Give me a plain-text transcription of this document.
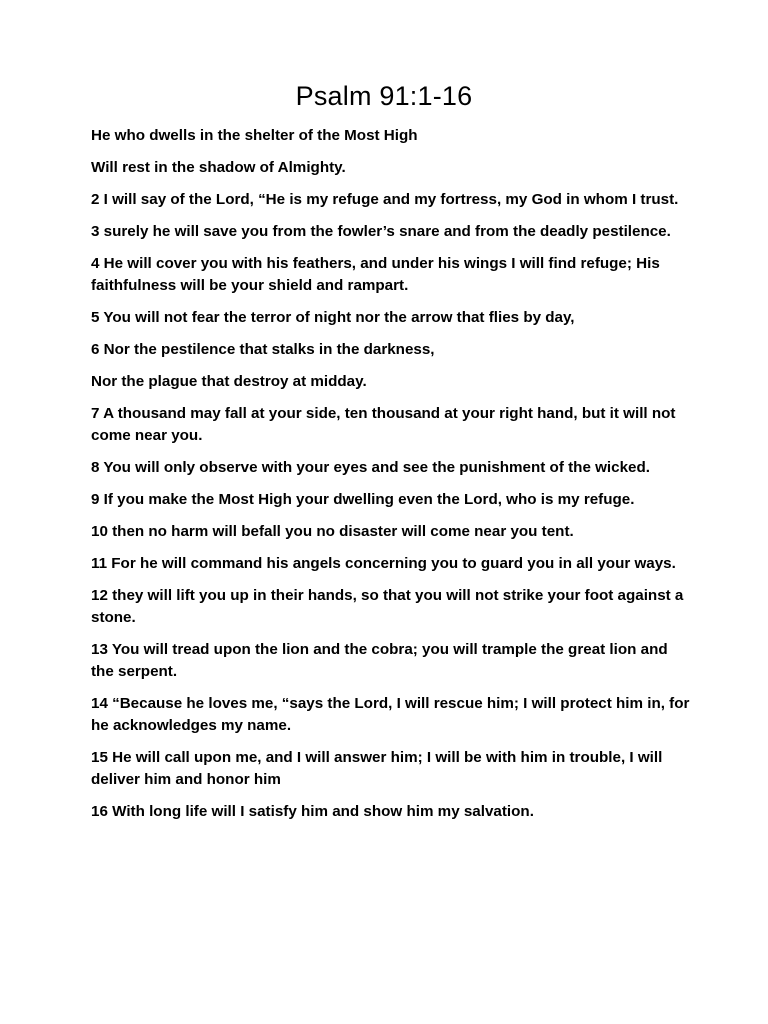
Psalm 91:1-16

He who dwells in the shelter of the Most High

Will rest in the shadow of Almighty.

2 I will say of the Lord, “He is my refuge and my fortress, my God in whom I trust.

3 surely he will save you from the fowler’s snare and from the deadly pestilence.

4 He will cover you with his feathers, and under his wings I will find refuge; His faithfulness will be your shield and rampart.

5 You will not fear the terror of night nor the arrow that flies by day,

6 Nor the pestilence that stalks in the darkness,

Nor the plague that destroy at midday.

7 A thousand may fall at your side, ten thousand at your right hand, but it will not come near you.

8 You will only observe with your eyes and see the punishment of the wicked.

9 If you make the Most High your dwelling even the Lord, who is my refuge.

10 then no harm will befall you no disaster will come near you tent.

11 For he will command his angels concerning you to guard you in all your ways.

12 they will lift you up in their hands, so that you will not strike your foot against a stone.

13 You will tread upon the lion and the cobra; you will trample the great lion and the serpent.

14 “Because he loves me, “says the Lord, I will rescue him; I will protect him in, for he acknowledges my name.

15 He will call upon me, and I will answer him; I will be with him in trouble, I will deliver him and honor him

16 With long life will I satisfy him and show him my salvation.
